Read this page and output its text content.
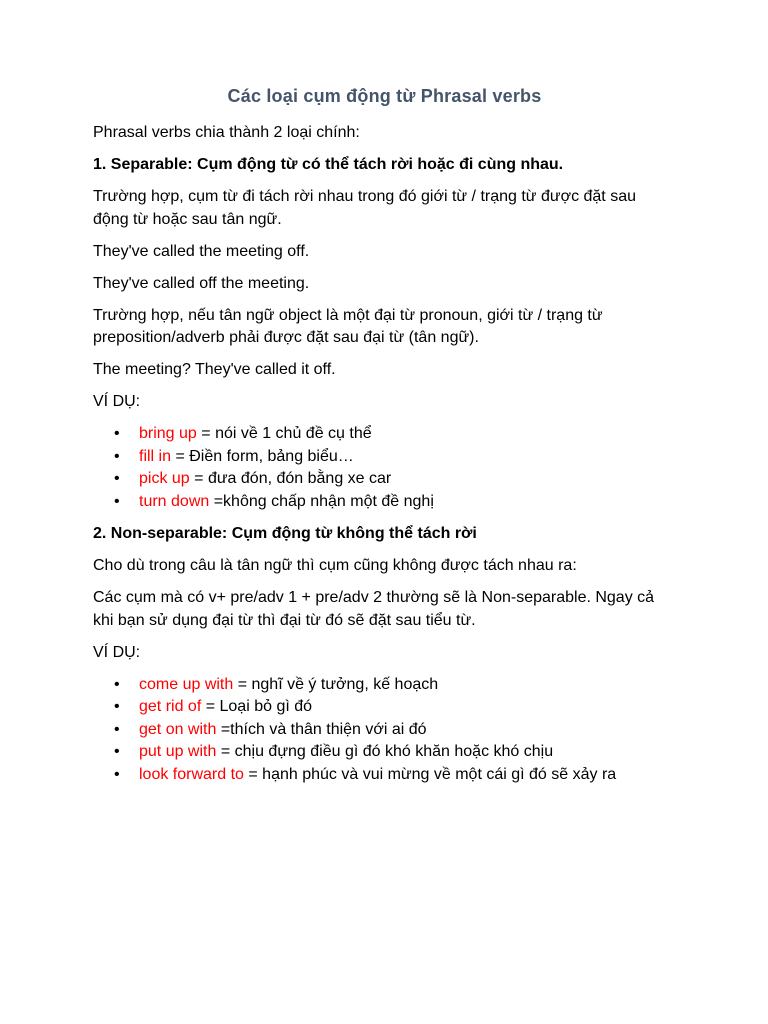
Các loại cụm động từ Phrasal verbs

Phrasal verbs chia thành 2 loại chính:

1. Separable: Cụm động từ có thể tách rời hoặc đi cùng nhau.

Trường hợp, cụm từ đi tách rời nhau trong đó giới từ / trạng từ được đặt sau động từ hoặc sau tân ngữ.

They've called the meeting off.

They've called off the meeting.

Trường hợp, nếu tân ngữ object là một đại từ pronoun, giới từ / trạng từ preposition/adverb phải được đặt sau đại từ (tân ngữ).

The meeting? They've called it off.

VÍ DỤ:

• bring up = nói về 1 chủ đề cụ thể
• fill in = Điền form, bảng biểu…
• pick up = đưa đón, đón bằng xe car
• turn down =không chấp nhận một đề nghị

2. Non-separable: Cụm động từ không thể tách rời

Cho dù trong câu là tân ngữ thì cụm cũng không được tách nhau ra:

Các cụm mà có v+ pre/adv 1 + pre/adv 2 thường sẽ là Non-separable. Ngay cả khi bạn sử dụng đại từ thì đại từ đó sẽ đặt sau tiểu từ.

VÍ DỤ:

• come up with = nghĩ về ý tưởng, kế hoạch
• get rid of = Loại bỏ gì đó
• get on with =thích và thân thiện với ai đó
• put up with = chịu đựng điều gì đó khó khăn hoặc khó chịu
• look forward to = hạnh phúc và vui mừng về một cái gì đó sẽ xảy ra
